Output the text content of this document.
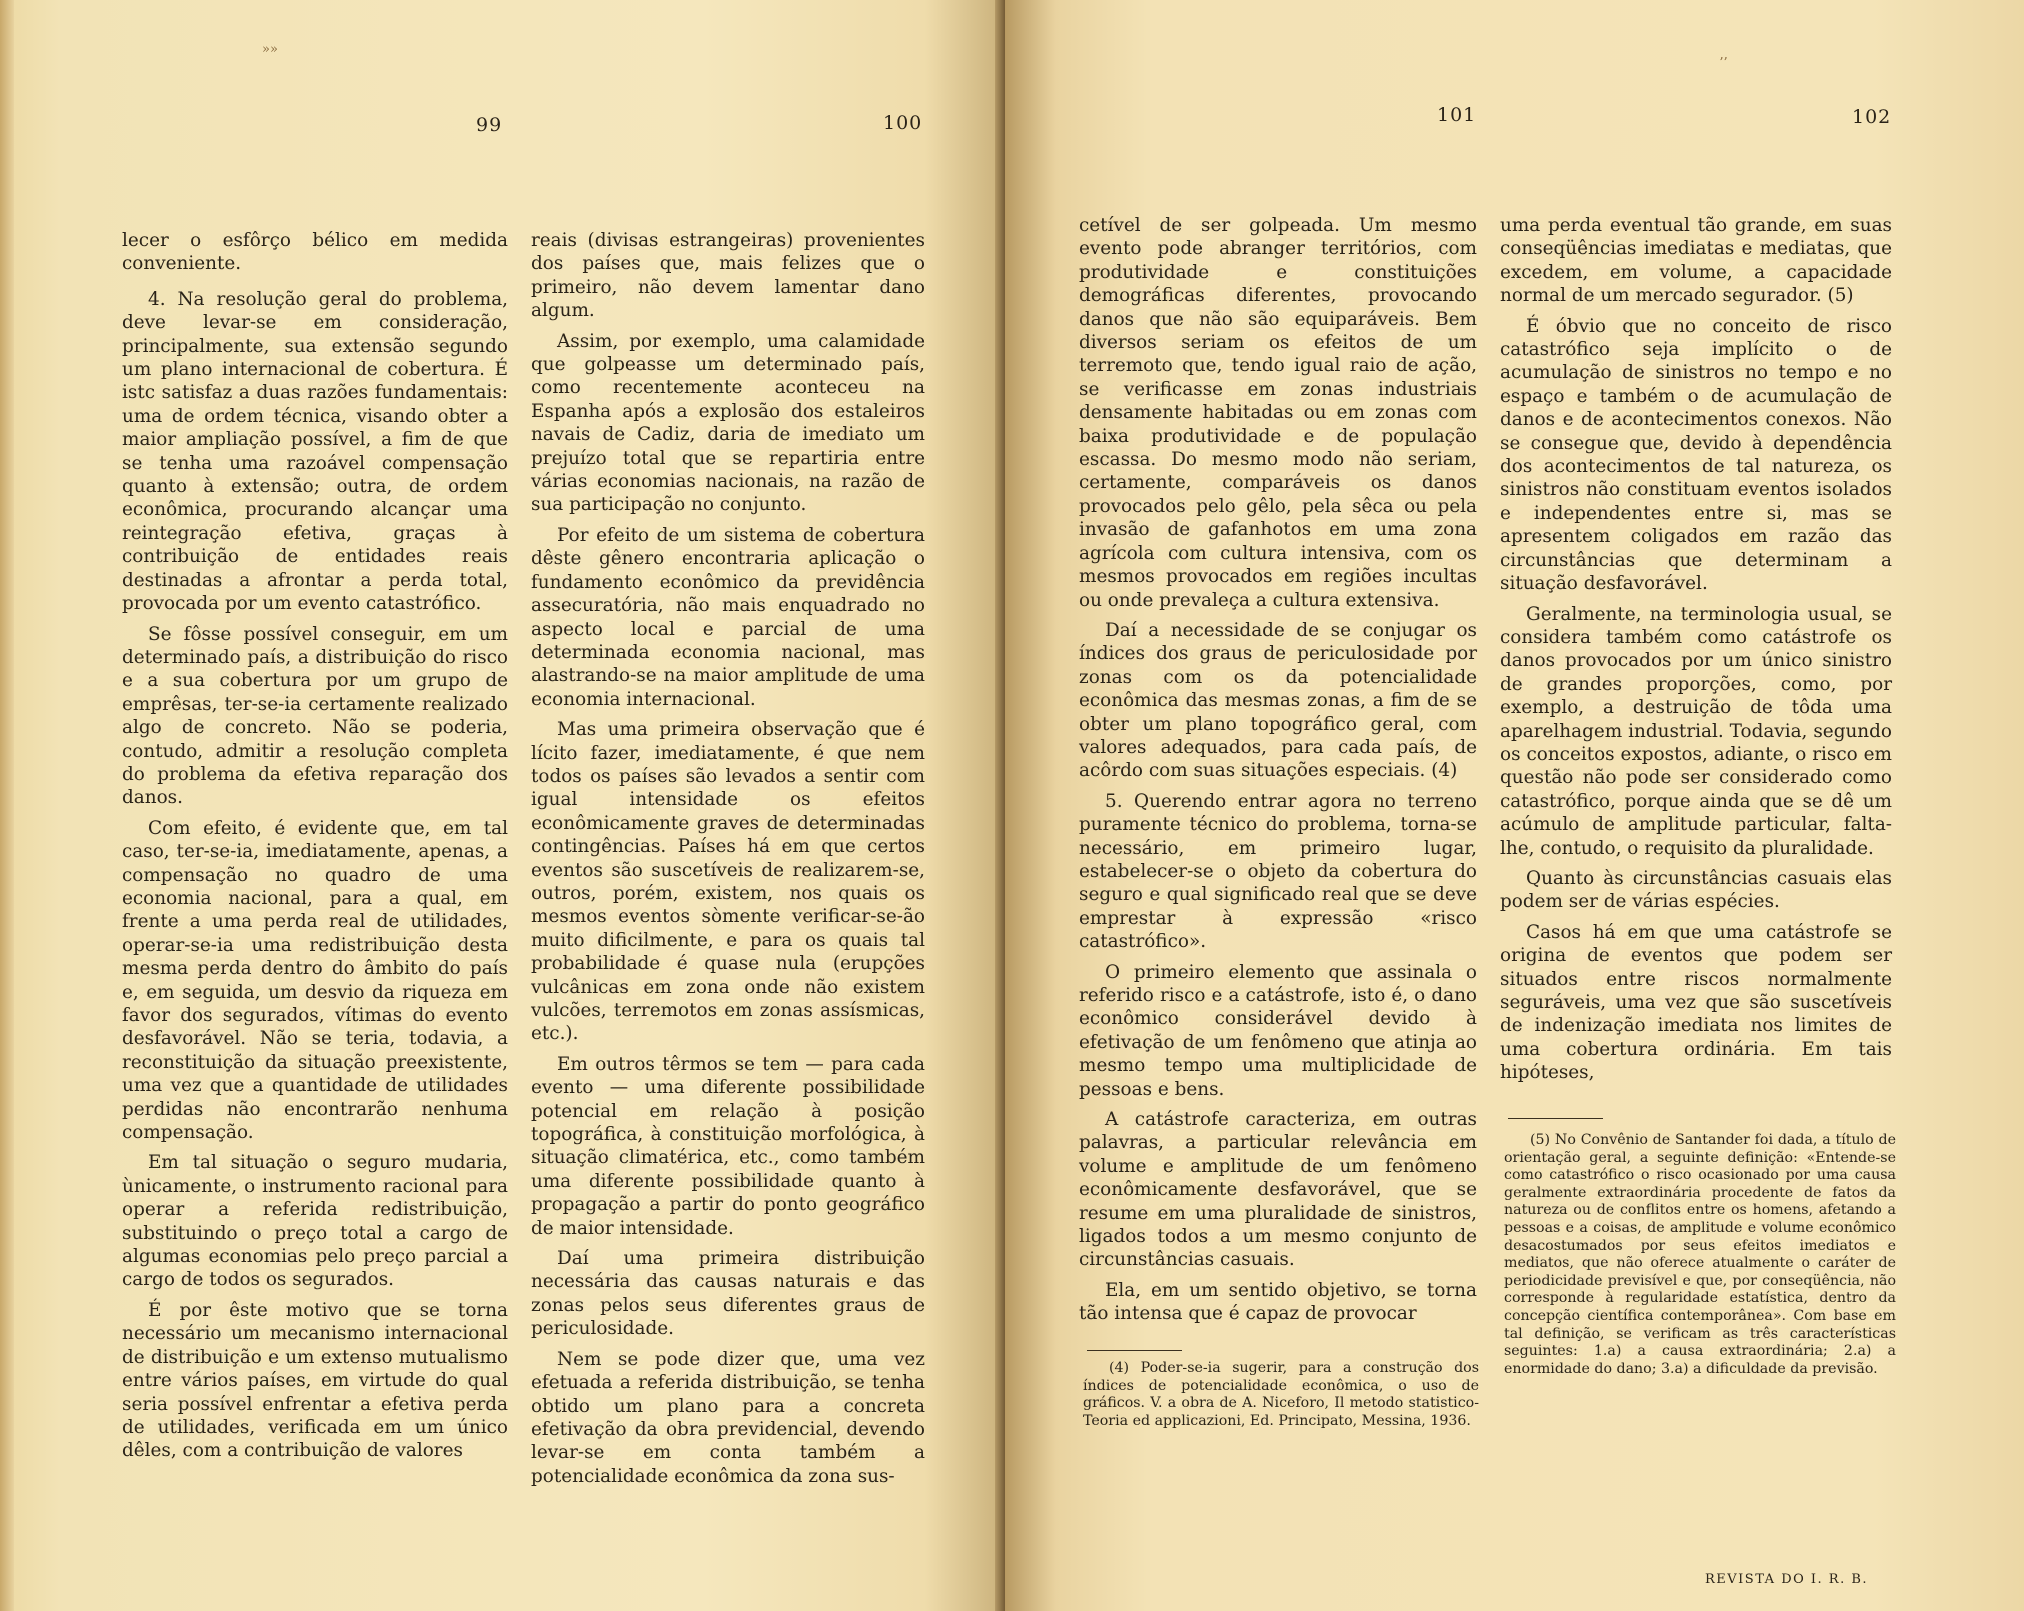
»»
99	100

lecer o esfôrço bélico em medida conveniente.

4. Na resolução geral do problema, deve levar-se em consideração, principalmente, sua extensão segundo um plano internacional de cobertura. É istc satisfaz a duas razões fundamentais: uma de ordem técnica, visando obter a maior ampliação possível, a fim de que se tenha uma razoável compensação quanto à extensão; outra, de ordem econômica, procurando alcançar uma reintegração efetiva, graças à contribuição de entidades reais destinadas a afrontar a perda total, provocada por um evento catastrófico.

Se fôsse possível conseguir, em um determinado país, a distribuição do risco e a sua cobertura por um grupo de emprêsas, ter-se-ia certamente realizado algo de concreto. Não se poderia, contudo, admitir a resolução completa do problema da efetiva reparação dos danos.

Com efeito, é evidente que, em tal caso, ter-se-ia, imediatamente, apenas, a compensação no quadro de uma economia nacional, para a qual, em frente a uma perda real de utilidades, operar-se-ia uma redistribuição desta mesma perda dentro do âmbito do país e, em seguida, um desvio da riqueza em favor dos segurados, vítimas do evento desfavorável. Não se teria, todavia, a reconstituição da situação preexistente, uma vez que a quantidade de utilidades perdidas não encontrarão nenhuma compensação.

Em tal situação o seguro mudaria, ùnicamente, o instrumento racional para operar a referida redistribuição, substituindo o preço total a cargo de algumas economias pelo preço parcial a cargo de todos os segurados.

É por êste motivo que se torna necessário um mecanismo internacional de distribuição e um extenso mutualismo entre vários países, em virtude do qual seria possível enfrentar a efetiva perda de utilidades, verificada em um único dêles, com a contribuição de valores

reais (divisas estrangeiras) provenientes dos países que, mais felizes que o primeiro, não devem lamentar dano algum.

Assim, por exemplo, uma calamidade que golpeasse um determinado país, como recentemente aconteceu na Espanha após a explosão dos estaleiros navais de Cadiz, daria de imediato um prejuízo total que se repartiria entre várias economias nacionais, na razão de sua participação no conjunto.

Por efeito de um sistema de cobertura dêste gênero encontraria aplicação o fundamento econômico da previdência assecuratória, não mais enquadrado no aspecto local e parcial de uma determinada economia nacional, mas alastrando-se na maior amplitude de uma economia internacional.

Mas uma primeira observação que é lícito fazer, imediatamente, é que nem todos os países são levados a sentir com igual intensidade os efeitos econômicamente graves de determinadas contingências. Países há em que certos eventos são suscetíveis de realizarem-se, outros, porém, existem, nos quais os mesmos eventos sòmente verificar-se-ão muito dificilmente, e para os quais tal probabilidade é quase nula (erupções vulcânicas em zona onde não existem vulcões, terremotos em zonas assísmicas, etc.).

Em outros têrmos se tem — para cada evento — uma diferente possibilidade potencial em relação à posição topográfica, à constituição morfológica, à situação climatérica, etc., como também uma diferente possibilidade quanto à propagação a partir do ponto geográfico de maior intensidade.

Daí uma primeira distribuição necessária das causas naturais e das zonas pelos seus diferentes graus de periculosidade.

Nem se pode dizer que, uma vez efetuada a referida distribuição, se tenha obtido um plano para a concreta efetivação da obra previdencial, devendo levar-se em conta também a potencialidade econômica da zona sus-

ʼʼ
101	102

cetível de ser golpeada. Um mesmo evento pode abranger territórios, com produtividade e constituições demográficas diferentes, provocando danos que não são equiparáveis. Bem diversos seriam os efeitos de um terremoto que, tendo igual raio de ação, se verificasse em zonas industriais densamente habitadas ou em zonas com baixa produtividade e de população escassa. Do mesmo modo não seriam, certamente, comparáveis os danos provocados pelo gêlo, pela sêca ou pela invasão de gafanhotos em uma zona agrícola com cultura intensiva, com os mesmos provocados em regiões incultas ou onde prevaleça a cultura extensiva.

Daí a necessidade de se conjugar os índices dos graus de periculosidade por zonas com os da potencialidade econômica das mesmas zonas, a fim de se obter um plano topográfico geral, com valores adequados, para cada país, de acôrdo com suas situações especiais. (4)

5. Querendo entrar agora no terreno puramente técnico do problema, torna-se necessário, em primeiro lugar, estabelecer-se o objeto da cobertura do seguro e qual significado real que se deve emprestar à expressão «risco catastrófico».

O primeiro elemento que assinala o referido risco e a catástrofe, isto é, o dano econômico considerável devido à efetivação de um fenômeno que atinja ao mesmo tempo uma multiplicidade de pessoas e bens.

A catástrofe caracteriza, em outras palavras, a particular relevância em volume e amplitude de um fenômeno econômicamente desfavorável, que se resume em uma pluralidade de sinistros, ligados todos a um mesmo conjunto de circunstâncias casuais.

Ela, em um sentido objetivo, se torna tão intensa que é capaz de provocar

(4) Poder-se-ia sugerir, para a construção dos índices de potencialidade econômica, o uso de gráficos. V. a obra de A. Niceforo, Il metodo statistico-Teoria ed applicazioni, Ed. Principato, Messina, 1936.

uma perda eventual tão grande, em suas conseqüências imediatas e mediatas, que excedem, em volume, a capacidade normal de um mercado segurador. (5)

É óbvio que no conceito de risco catastrófico seja implícito o de acumulação de sinistros no tempo e no espaço e também o de acumulação de danos e de acontecimentos conexos. Não se consegue que, devido à dependência dos acontecimentos de tal natureza, os sinistros não constituam eventos isolados e independentes entre si, mas se apresentem coligados em razão das circunstâncias que determinam a situação desfavorável.

Geralmente, na terminologia usual, se considera também como catástrofe os danos provocados por um único sinistro de grandes proporções, como, por exemplo, a destruição de tôda uma aparelhagem industrial. Todavia, segundo os conceitos expostos, adiante, o risco em questão não pode ser considerado como catastrófico, porque ainda que se dê um acúmulo de amplitude particular, falta-lhe, contudo, o requisito da pluralidade.

Quanto às circunstâncias casuais elas podem ser de várias espécies.

Casos há em que uma catástrofe se origina de eventos que podem ser situados entre riscos normalmente seguráveis, uma vez que são suscetíveis de indenização imediata nos limites de uma cobertura ordinária. Em tais hipóteses,

(5) No Convênio de Santander foi dada, a título de orientação geral, a seguinte definição: «Entende-se como catastrófico o risco ocasionado por uma causa geralmente extraordinária procedente de fatos da natureza ou de conflitos entre os homens, afetando a pessoas e a coisas, de amplitude e volume econômico desacostumados por seus efeitos imediatos e mediatos, que não oferece atualmente o caráter de periodicidade previsível e que, por conseqüência, não corresponde à regularidade estatística, dentro da concepção científica contemporânea». Com base em tal definição, se verificam as três características seguintes: 1.a) a causa extraordinária; 2.a) a enormidade do dano; 3.a) a dificuldade da previsão.

REVISTA DO I. R. B.
